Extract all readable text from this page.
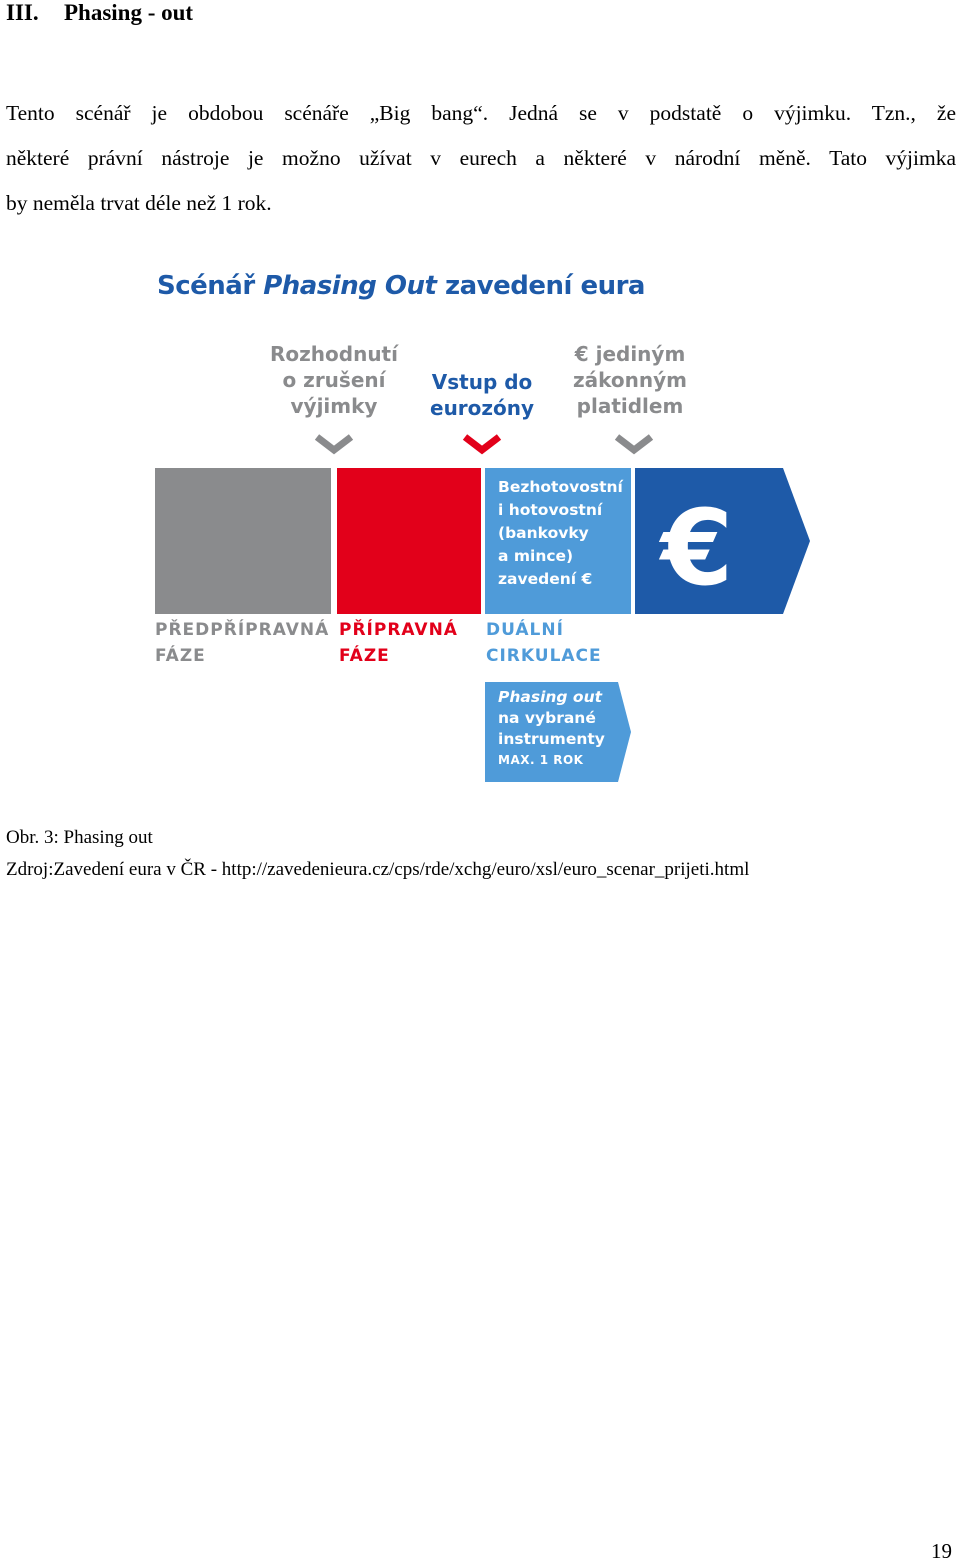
III. Phasing - out
Tento scénář je obdobou scénáře „Big bang“. Jedná se v podstatě o výjimku. Tzn., že
některé právní nástroje je možno užívat v eurech a některé v národní měně. Tato výjimka
by neměla trvat déle než 1 rok.
Scénář Phasing Out zavedení eura
Rozhodnutí
o zrušení
výjimky
Vstup do
eurozóny
€ jediným
zákonným
platidlem
Bezhotovostní
i hotovostní
(bankovky
a mince)
zavedení € €
PŘEDPŘÍPRAVNÁ
FÁZE
PŘÍPRAVNÁ
FÁZE
DUÁLNÍ
CIRKULACE
Phasing out
na vybrané
instrumenty
MAX. 1 ROK
Obr. 3: Phasing out
Zdroj:Zavedení eura v ČR - http://zavedenieura.cz/cps/rde/xchg/euro/xsl/euro_scenar_prijeti.html
19
